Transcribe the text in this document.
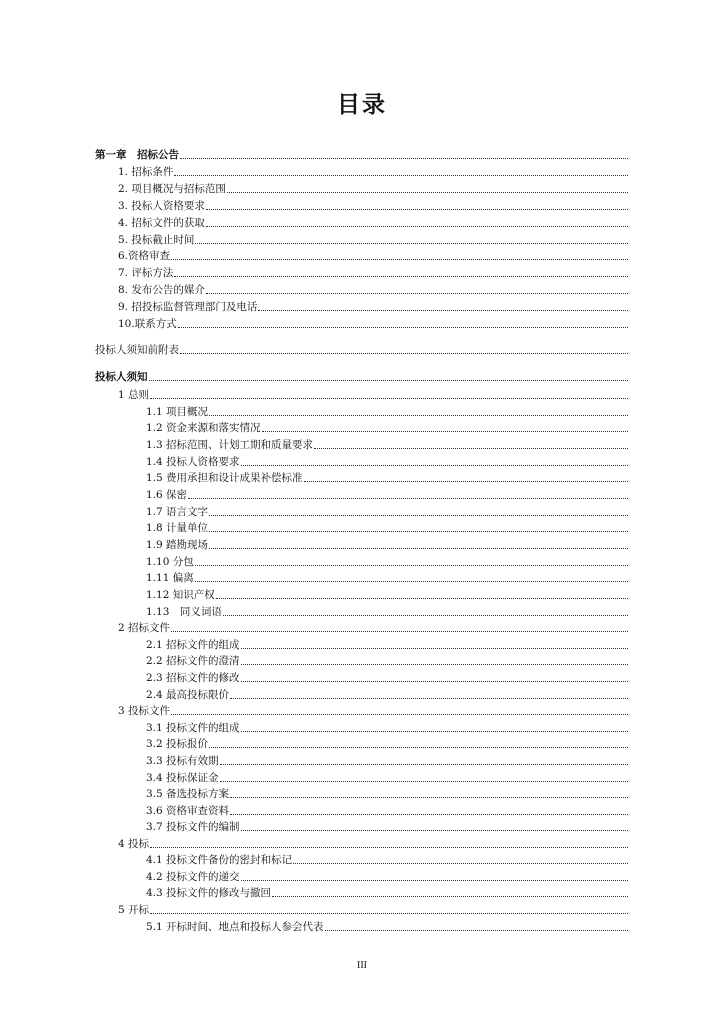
目录
第一章　招标公告
1. 招标条件
2. 项目概况与招标范围
3. 投标人资格要求
4. 招标文件的获取
5. 投标截止时间
6.资格审查
7. 评标方法
8. 发布公告的媒介
9. 招投标监督管理部门及电话
10.联系方式
投标人须知前附表
投标人须知
1 总则
1.1 项目概况
1.2 资金来源和落实情况
1.3 招标范围、计划工期和质量要求
1.4 投标人资格要求
1.5 费用承担和设计成果补偿标准
1.6 保密
1.7 语言文字
1.8 计量单位
1.9 踏勘现场
1.10 分包
1.11 偏离
1.12 知识产权
1.13　同义词语
2 招标文件
2.1 招标文件的组成
2.2 招标文件的澄清
2.3 招标文件的修改
2.4 最高投标限价
3 投标文件
3.1 投标文件的组成
3.2 投标报价
3.3 投标有效期
3.4 投标保证金
3.5 备选投标方案
3.6 资格审查资料
3.7 投标文件的编制
4 投标
4.1 投标文件备份的密封和标记
4.2 投标文件的递交
4.3 投标文件的修改与撤回
5 开标
5.1 开标时间、地点和投标人参会代表
III
